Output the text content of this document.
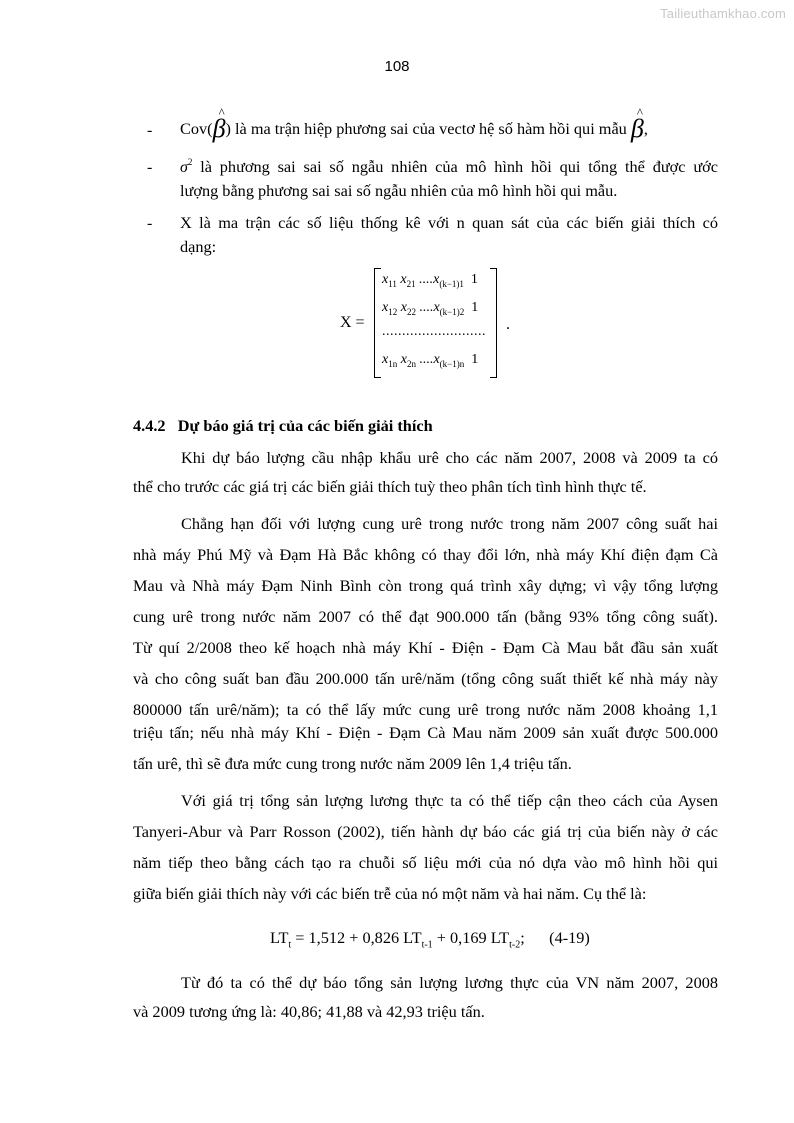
Tailieuthamkhao.com
108
- Cov(^ β) là ma trận hiệp phương sai của vectơ hệ số hàm hồi qui mẫu ^ β,
- $\sigma^2$ là phương sai sai số ngẫu nhiên của mô hình hồi qui tổng thể được ước
lượng bằng phương sai sai số ngẫu nhiên của mô hình hồi qui mẫu.
- X là ma trận các số liệu thống kê với n quan sát của các biến giải thích có
dạng:
X =
$x_{11}$ $x_{21}$ $....x_{(k-1)1}$ 1
$x_{12}$ $x_{22}$ $....x_{(k-1)2}$ 1
..........................
$x_{1n}$ $x_{2n}$ $....x_{(k-1)n}$ 1
.
4.4.2 Dự báo giá trị của các biến giải thích
Khi dự báo lượng cầu nhập khẩu urê cho các năm 2007, 2008 và 2009 ta có
thể cho trước các giá trị các biến giải thích tuỳ theo phân tích tình hình thực tế.
Chẳng hạn đối với lượng cung urê trong nước trong năm 2007 công suất hai
nhà máy Phú Mỹ và Đạm Hà Bắc không có thay đổi lớn, nhà máy Khí điện đạm Cà
Mau và Nhà máy Đạm Ninh Bình còn trong quá trình xây dựng; vì vậy tổng lượng
cung urê trong nước năm 2007 có thể đạt 900.000 tấn (bằng 93% tổng công suất).
Từ quí 2/2008 theo kế hoạch nhà máy Khí - Điện - Đạm Cà Mau bắt đầu sản xuất
và cho công suất ban đầu 200.000 tấn urê/năm (tổng công suất thiết kế nhà máy này
800000 tấn urê/năm); ta có thể lấy mức cung urê trong nước năm 2008 khoảng 1,1
triệu tấn; nếu nhà máy Khí - Điện - Đạm Cà Mau năm 2009 sản xuất được 500.000
tấn urê, thì sẽ đưa mức cung trong nước năm 2009 lên 1,4 triệu tấn.
Với giá trị tổng sản lượng lương thực ta có thể tiếp cận theo cách của Aysen
Tanyeri-Abur và Parr Rosson (2002), tiến hành dự báo các giá trị của biến này ở các
năm tiếp theo bằng cách tạo ra chuỗi số liệu mới của nó dựa vào mô hình hồi qui
giữa biến giải thích này với các biến trễ của nó một năm và hai năm. Cụ thể là:
$LT_t = 1,512 + 0,826$ $LT_{t-1} + 0,169$ $LT_{t-2}$; (4-19)
Từ đó ta có thể dự báo tổng sản lượng lương thực của VN năm 2007, 2008
và 2009 tương ứng là: 40,86; 41,88 và 42,93 triệu tấn.
